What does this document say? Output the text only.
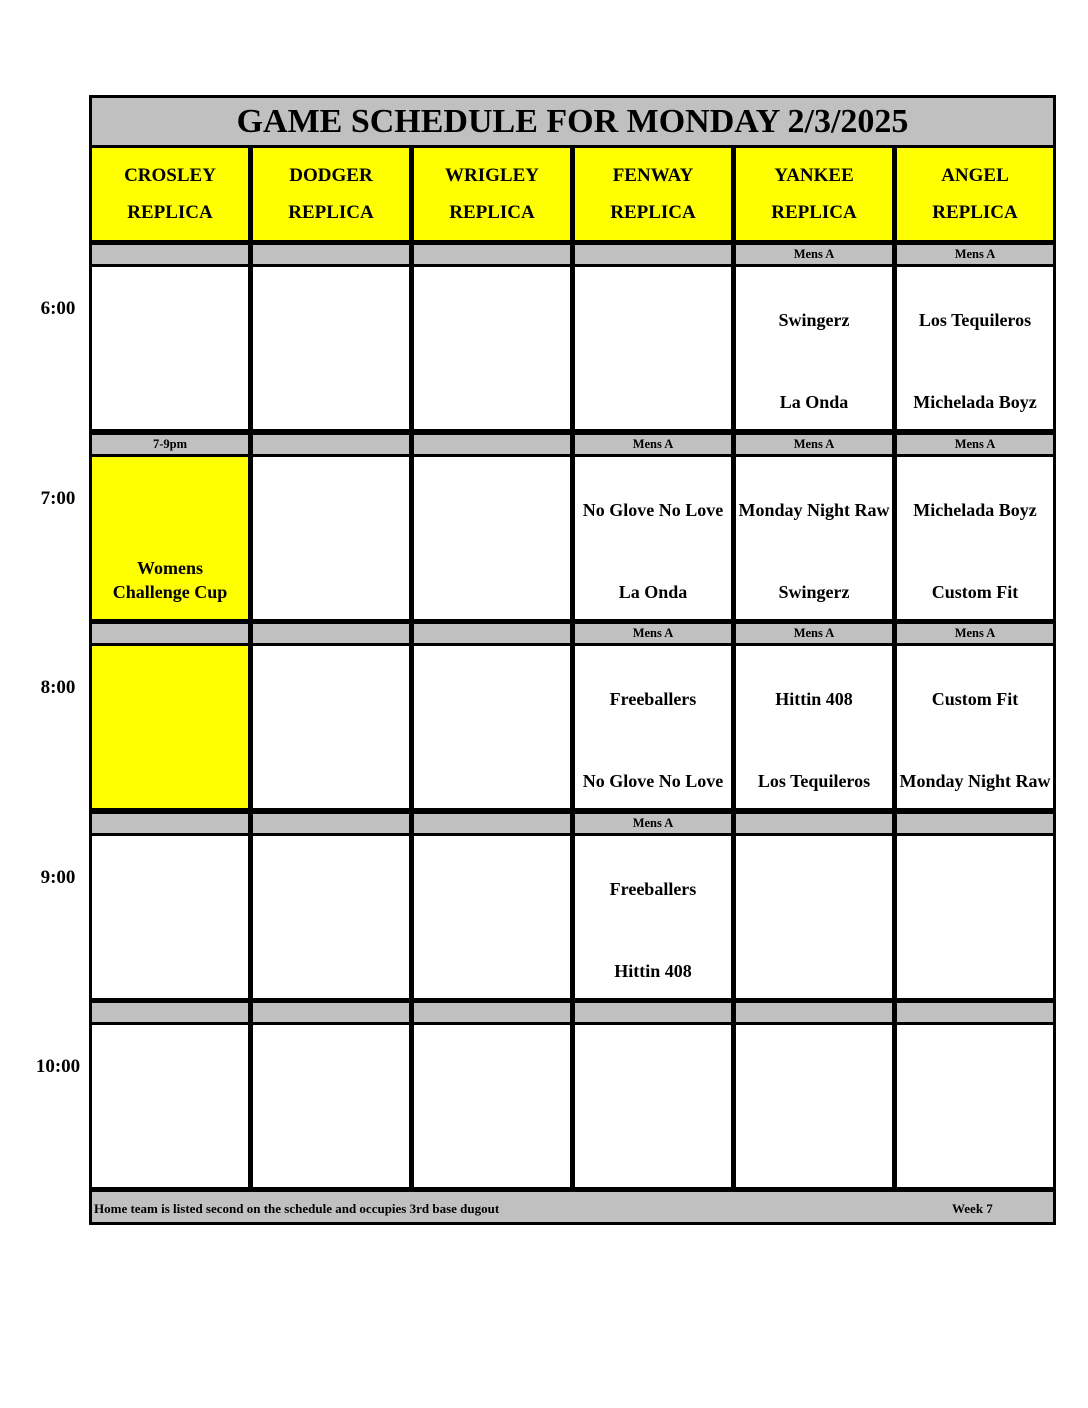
GAME SCHEDULE FOR MONDAY 2/3/2025
CROSLEY
REPLICA
DODGER
REPLICA
WRIGLEY
REPLICA
FENWAY
REPLICA
YANKEE
REPLICA
ANGEL
REPLICA
6:00
Mens A
Swingerz
La Onda
Mens A
Los Tequileros
Michelada Boyz
7:00
7-9pm
Womens Challenge Cup
Mens A
No Glove No Love
La Onda
Mens A
Monday Night Raw
Swingerz
Mens A
Michelada Boyz
Custom Fit
8:00
Mens A
Freeballers
No Glove No Love
Mens A
Hittin 408
Los Tequileros
Mens A
Custom Fit
Monday Night Raw
9:00
Mens A
Freeballers
Hittin 408
10:00
Home team is listed second on the schedule and occupies 3rd base dugout	Week 7
